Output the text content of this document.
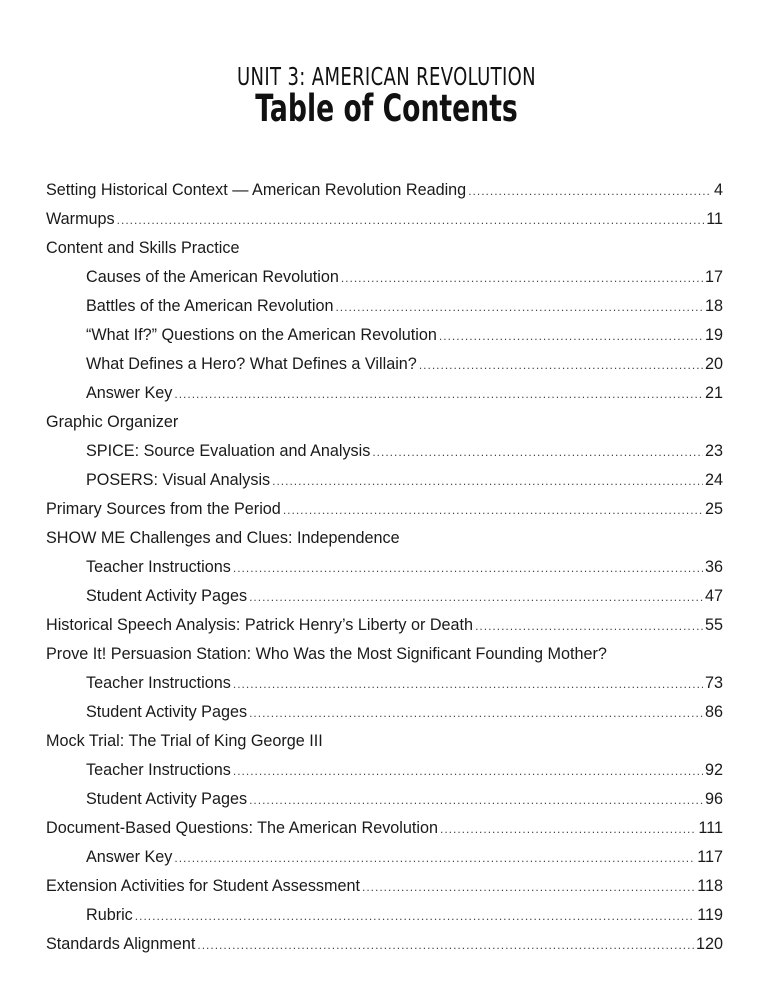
UNIT 3: AMERICAN REVOLUTION
Table of Contents
Setting Historical Context — American Revolution Reading .....	4
Warmups .....	11
Content and Skills Practice
Causes of the American Revolution .....	17
Battles of the American Revolution .....	18
“What If?” Questions on the American Revolution .....	19
What Defines a Hero? What Defines a Villain? .....	20
Answer Key .....	21
Graphic Organizer
SPICE: Source Evaluation and Analysis .....	23
POSERS: Visual Analysis .....	24
Primary Sources from the Period .....	25
SHOW ME Challenges and Clues: Independence
Teacher Instructions .....	36
Student Activity Pages .....	47
Historical Speech Analysis: Patrick Henry’s Liberty or Death .....	55
Prove It! Persuasion Station: Who Was the Most Significant Founding Mother?
Teacher Instructions .....	73
Student Activity Pages .....	86
Mock Trial: The Trial of King George III
Teacher Instructions .....	92
Student Activity Pages .....	96
Document-Based Questions: The American Revolution .....	111
Answer Key .....	117
Extension Activities for Student Assessment .....	118
Rubric .....	119
Standards Alignment .....	120
